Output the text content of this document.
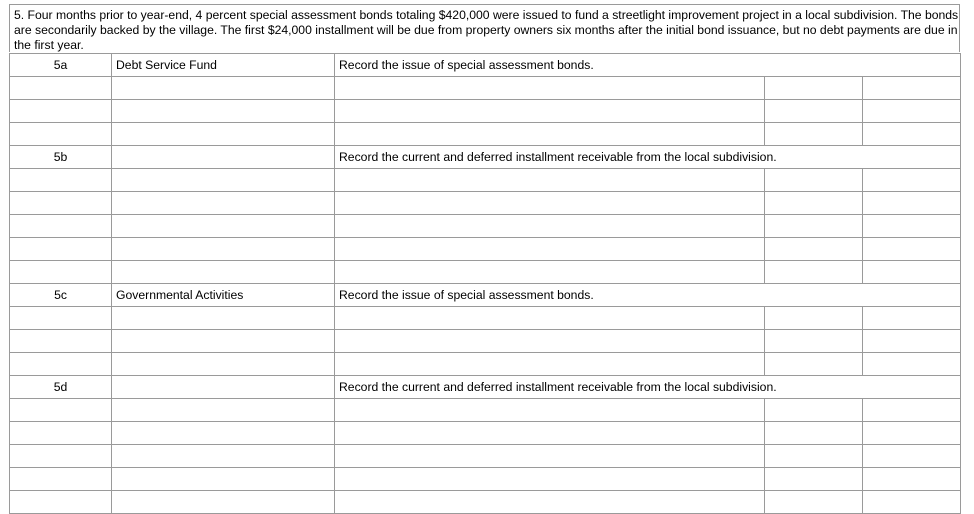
5. Four months prior to year-end, 4 percent special assessment bonds totaling $420,000 were issued to fund a streetlight improvement project in a local subdivision. The bonds are secondarily backed by the village. The first $24,000 installment will be due from property owners six months after the initial bond issuance, but no debt payments are due in the first year.
5a	Debt Service Fund	Record the issue of special assessment bonds.		

5b		Record the current and deferred installment receivable from the local subdivision.		

5c	Governmental Activities	Record the issue of special assessment bonds.		

5d		Record the current and deferred installment receivable from the local subdivision.		
